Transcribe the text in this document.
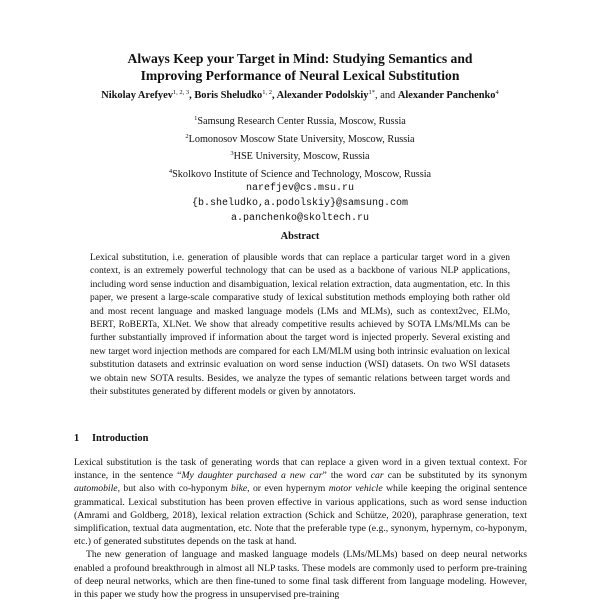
Always Keep your Target in Mind: Studying Semantics and
Improving Performance of Neural Lexical Substitution
Nikolay Arefyev$^{1, 2, 3}$, Boris Sheludko$^{1, 2}$, Alexander Podolskiy$^{1*}$, and Alexander Panchenko$^4$
$^1$Samsung Research Center Russia, Moscow, Russia
$^2$Lomonosov Moscow State University, Moscow, Russia
$^3$HSE University, Moscow, Russia
$^4$Skolkovo Institute of Science and Technology, Moscow, Russia
narefjev@cs.msu.ru
{b.sheludko,a.podolskiy}@samsung.com
a.panchenko@skoltech.ru
Abstract
Lexical substitution, i.e. generation of plausible words that can replace a particular target word in a given context, is an extremely powerful technology that can be used as a backbone of various NLP applications, including word sense induction and disambiguation, lexical relation extraction, data augmentation, etc. In this paper, we present a large-scale comparative study of lexical substitution methods employing both rather old and most recent language and masked language models (LMs and MLMs), such as context2vec, ELMo, BERT, RoBERTa, XLNet. We show that already competitive results achieved by SOTA LMs/MLMs can be further substantially improved if information about the target word is injected properly. Several existing and new target word injection methods are compared for each LM/MLM using both intrinsic evaluation on lexical substitution datasets and extrinsic evaluation on word sense induction (WSI) datasets. On two WSI datasets we obtain new SOTA results. Besides, we analyze the types of semantic relations between target words and their substitutes generated by different models or given by annotators.
1 Introduction

Lexical substitution is the task of generating words that can replace a given word in a given textual context. For instance, in the sentence “My daughter purchased a new car” the word car can be substituted by its synonym automobile, but also with co-hyponym bike, or even hypernym motor vehicle while keeping the original sentence grammatical. Lexical substitution has been proven effective in various applications, such as word sense induction (Amrami and Goldberg, 2018), lexical relation extraction (Schick and Schütze, 2020), paraphrase generation, text simplification, textual data augmentation, etc. Note that the preferable type (e.g., synonym, hypernym, co-hyponym, etc.) of generated substitutes depends on the task at hand.

The new generation of language and masked language models (LMs/MLMs) based on deep neural networks enabled a profound breakthrough in almost all NLP tasks. These models are commonly used to perform pre-training of deep neural networks, which are then fine-tuned to some final task different from language modeling. However, in this paper we study how the progress in unsupervised pre-training
